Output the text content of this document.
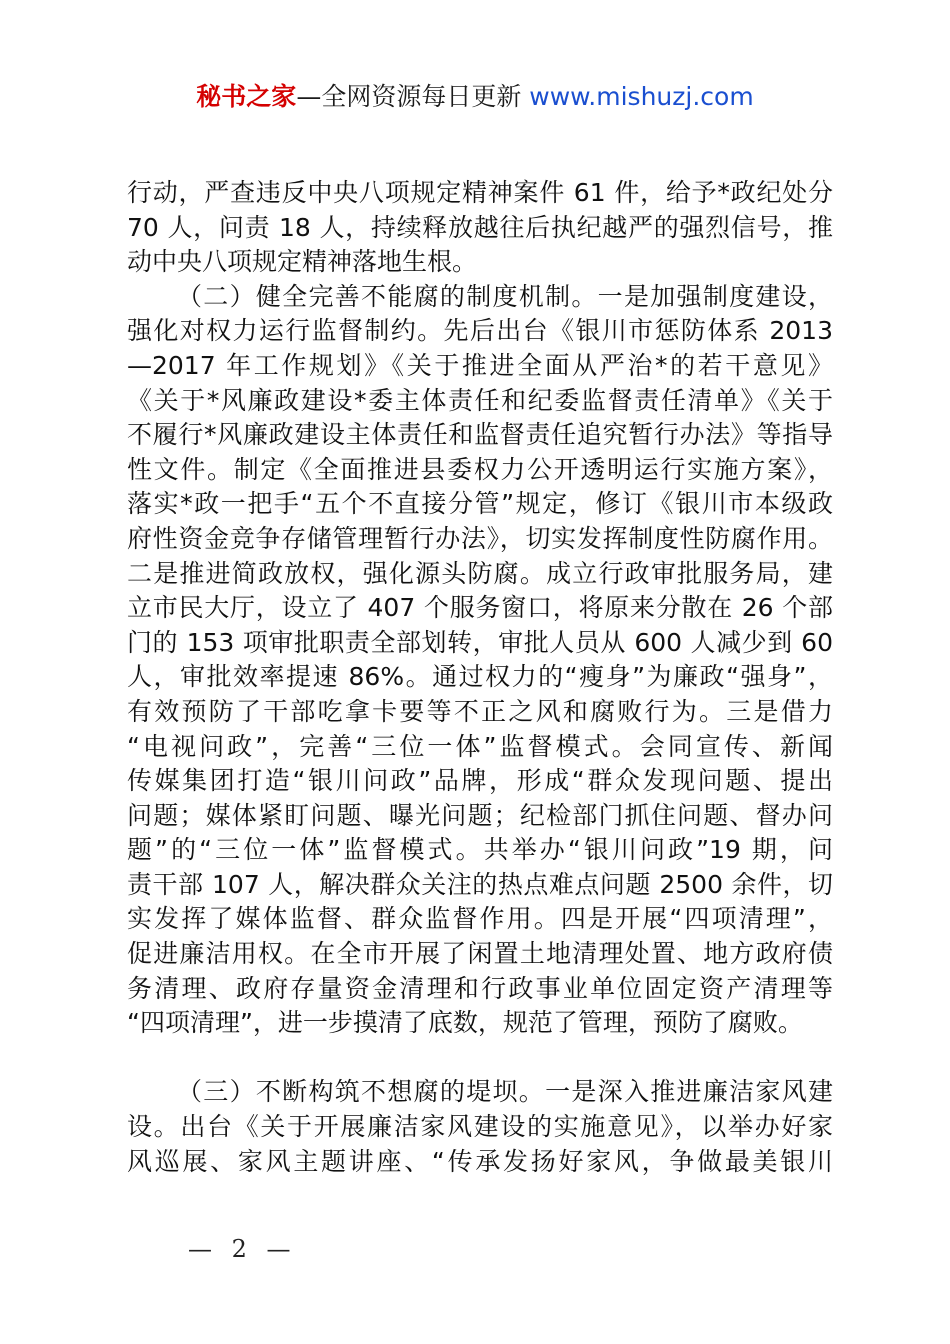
秘书之家—全网资源每日更新 www.mishuzj.com
行动，严查违反中央八项规定精神案件 61 件，给予*政纪处分
70 人，问责 18 人，持续释放越往后执纪越严的强烈信号，推
动中央八项规定精神落地生根。
（二）健全完善不能腐的制度机制。一是加强制度建设，
强化对权力运行监督制约。先后出台《银川市惩防体系 2013
—2017 年工作规划》《关于推进全面从严治*的若干意见》
《关于*风廉政建设*委主体责任和纪委监督责任清单》《关于
不履行*风廉政建设主体责任和监督责任追究暂行办法》等指导
性文件。制定《全面推进县委权力公开透明运行实施方案》，
落实*政一把手“五个不直接分管”规定，修订《银川市本级政
府性资金竞争存储管理暂行办法》，切实发挥制度性防腐作用。
二是推进简政放权，强化源头防腐。成立行政审批服务局，建
立市民大厅，设立了 407 个服务窗口，将原来分散在 26 个部
门的 153 项审批职责全部划转，审批人员从 600 人减少到 60
人，审批效率提速 86%。通过权力的“瘦身”为廉政“强身”，
有效预防了干部吃拿卡要等不正之风和腐败行为。三是借力
“电视问政”，完善“三位一体”监督模式。会同宣传、新闻
传媒集团打造“银川问政”品牌，形成“群众发现问题、提出
问题；媒体紧盯问题、曝光问题；纪检部门抓住问题、督办问
题”的“三位一体”监督模式。共举办“银川问政”19 期，问
责干部 107 人，解决群众关注的热点难点问题 2500 余件，切
实发挥了媒体监督、群众监督作用。四是开展“四项清理”，
促进廉洁用权。在全市开展了闲置土地清理处置、地方政府债
务清理、政府存量资金清理和行政事业单位固定资产清理等
“四项清理”，进一步摸清了底数，规范了管理，预防了腐败。
（三）不断构筑不想腐的堤坝。一是深入推进廉洁家风建
设。出台《关于开展廉洁家风建设的实施意见》，以举办好家
风巡展、家风主题讲座、“传承发扬好家风，争做最美银川
— 2 —
